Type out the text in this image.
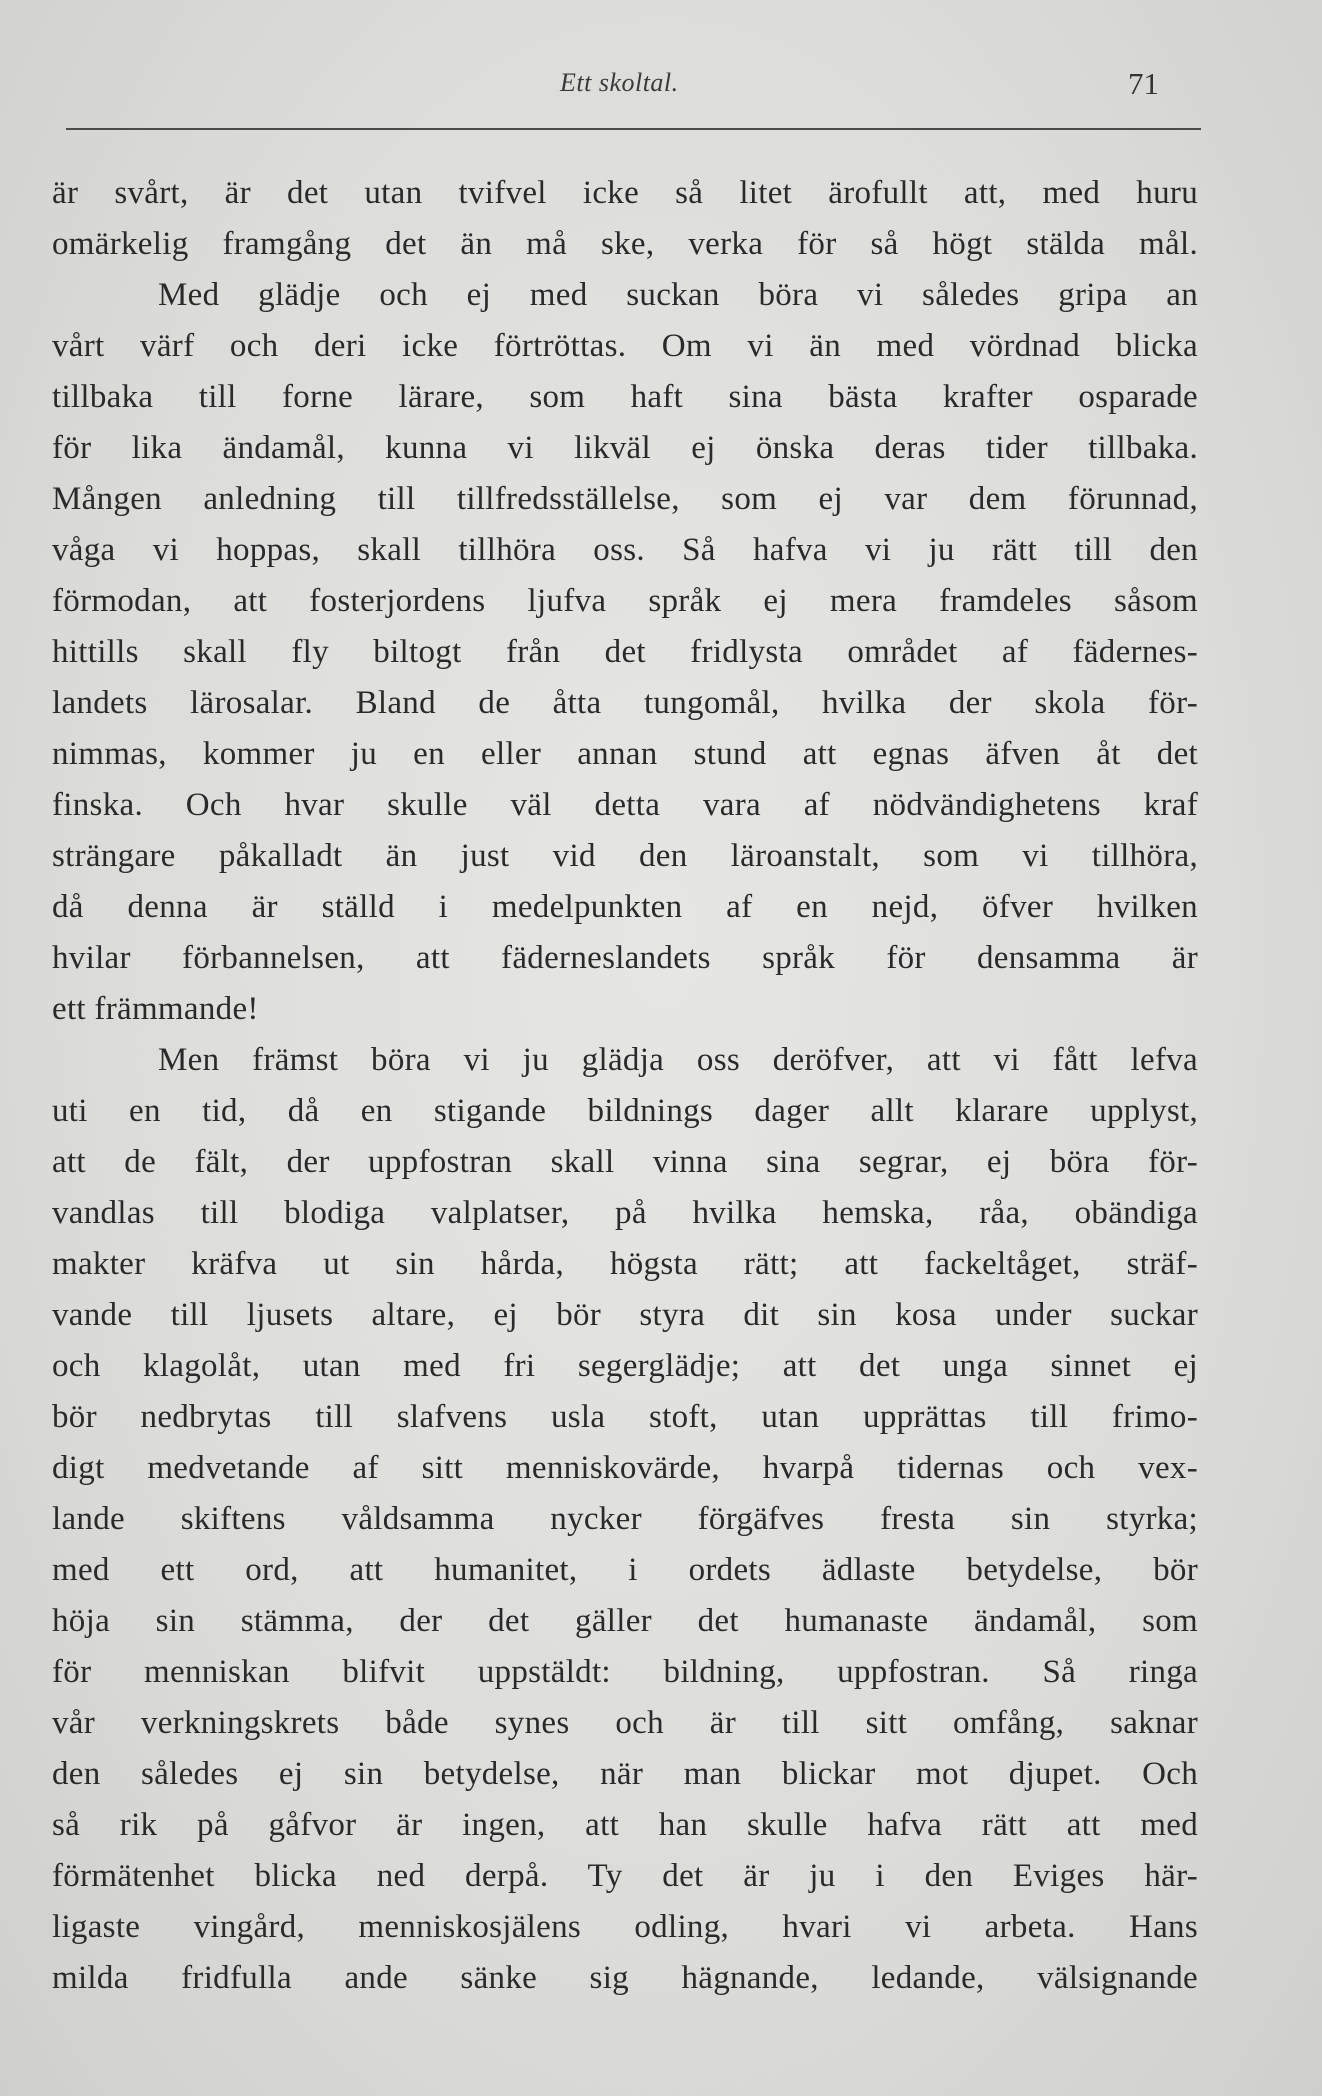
Ett skoltal.	71
är svårt, är det utan tvifvel icke så litet ärofullt att, med huru
omärkelig framgång det än må ske, verka för så högt stälda mål.
Med glädje och ej med suckan böra vi således gripa an
vårt värf och deri icke förtröttas. Om vi än med vördnad blicka
tillbaka till forne lärare, som haft sina bästa krafter osparade
för lika ändamål, kunna vi likväl ej önska deras tider tillbaka.
Mången anledning till tillfredsställelse, som ej var dem förunnad,
våga vi hoppas, skall tillhöra oss. Så hafva vi ju rätt till den
förmodan, att fosterjordens ljufva språk ej mera framdeles såsom
hittills skall fly biltogt från det fridlysta området af fädernes-
landets lärosalar. Bland de åtta tungomål, hvilka der skola för-
nimmas, kommer ju en eller annan stund att egnas äfven åt det
finska. Och hvar skulle väl detta vara af nödvändighetens kraf
strängare påkalladt än just vid den läroanstalt, som vi tillhöra,
då denna är ställd i medelpunkten af en nejd, öfver hvilken
hvilar förbannelsen, att fäderneslandets språk för densamma är
ett främmande!
Men främst böra vi ju glädja oss deröfver, att vi fått lefva
uti en tid, då en stigande bildnings dager allt klarare upplyst,
att de fält, der uppfostran skall vinna sina segrar, ej böra för-
vandlas till blodiga valplatser, på hvilka hemska, råa, obändiga
makter kräfva ut sin hårda, högsta rätt; att fackeltåget, sträf-
vande till ljusets altare, ej bör styra dit sin kosa under suckar
och klagolåt, utan med fri segerglädje; att det unga sinnet ej
bör nedbrytas till slafvens usla stoft, utan upprättas till frimo-
digt medvetande af sitt menniskovärde, hvarpå tidernas och vex-
lande skiftens våldsamma nycker förgäfves fresta sin styrka;
med ett ord, att humanitet, i ordets ädlaste betydelse, bör
höja sin stämma, der det gäller det humanaste ändamål, som
för menniskan blifvit uppstäldt: bildning, uppfostran. Så ringa
vår verkningskrets både synes och är till sitt omfång, saknar
den således ej sin betydelse, när man blickar mot djupet. Och
så rik på gåfvor är ingen, att han skulle hafva rätt att med
förmätenhet blicka ned derpå. Ty det är ju i den Eviges här-
ligaste vingård, menniskosjälens odling, hvari vi arbeta. Hans
milda fridfulla ande sänke sig hägnande, ledande, välsignande
